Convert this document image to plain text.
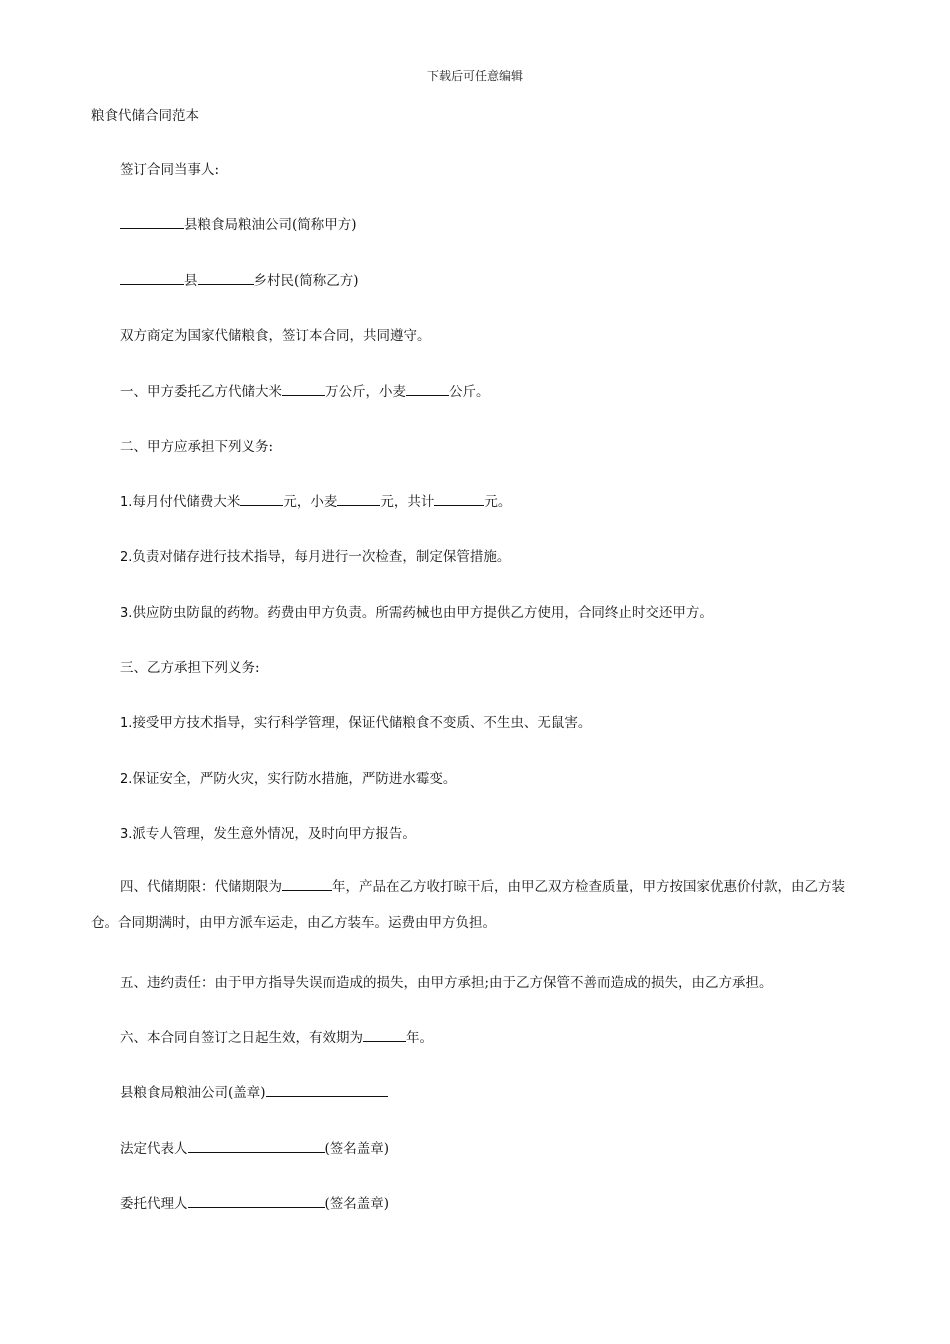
下载后可任意编辑
粮食代储合同范本
签订合同当事人:
县粮食局粮油公司(简称甲方)
县	乡村民(简称乙方)
双方商定为国家代储粮食，签订本合同，共同遵守。
一、甲方委托乙方代储大米	万公斤，小麦	公斤。
二、甲方应承担下列义务:
1.每月付代储费大米	元，小麦	元，共计	元。
2.负责对储存进行技术指导，每月进行一次检查，制定保管措施。
3.供应防虫防鼠的药物。药费由甲方负责。所需药械也由甲方提供乙方使用，合同终止时交还甲方。
三、乙方承担下列义务:
1.接受甲方技术指导，实行科学管理，保证代储粮食不变质、不生虫、无鼠害。
2.保证安全，严防火灾，实行防水措施，严防进水霉变。
3.派专人管理，发生意外情况，及时向甲方报告。
四、代储期限：代储期限为	年，产品在乙方收打晾干后，由甲乙双方检查质量，甲方按国家优惠价付款，由乙方装仓。合同期满时，由甲方派车运走，由乙方装车。运费由甲方负担。
五、违约责任：由于甲方指导失误而造成的损失，由甲方承担;由于乙方保管不善而造成的损失，由乙方承担。
六、本合同自签订之日起生效，有效期为	年。
县粮食局粮油公司(盖章)
法定代表人	(签名盖章)
委托代理人	(签名盖章)
